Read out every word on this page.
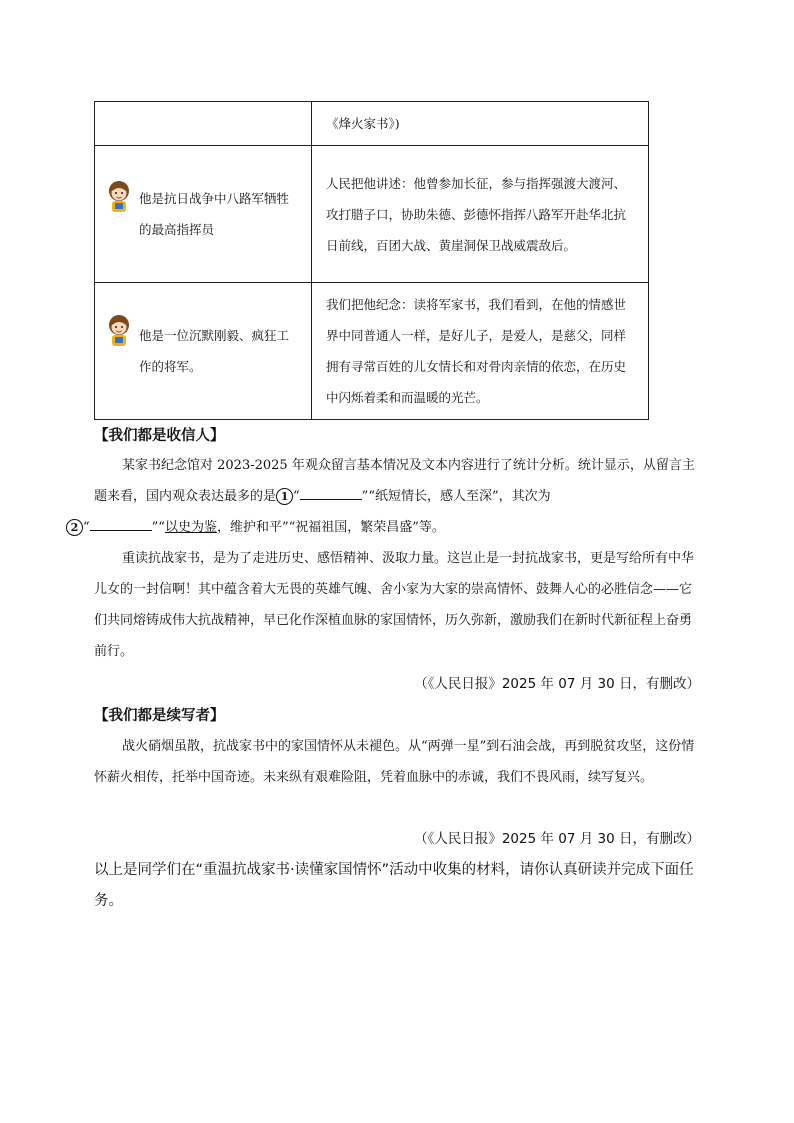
	《烽火家书》)

他是抗日战争中八路军牺牲的最高指挥员	人民把他讲述：他曾参加长征，参与指挥强渡大渡河、攻打腊子口，协助朱德、彭德怀指挥八路军开赴华北抗日前线，百团大战、黄崖洞保卫战威震敌后。

他是一位沉默刚毅、疯狂工作的将军。	我们把他纪念：读将军家书，我们看到，在他的情感世界中同普通人一样，是好儿子，是爱人，是慈父，同样拥有寻常百姓的儿女情长和对骨肉亲情的依恋，在历史中闪烁着柔和而温暖的光芒。
【我们都是收信人】

某家书纪念馆对 2023-2025 年观众留言基本情况及文本内容进行了统计分析。统计显示，从留言主题来看，国内观众表达最多的是 1 “	”“纸短情长，感人至深”，其次为
2 “	”“以史为鉴，维护和平”“祝福祖国，繁荣昌盛”等。

重读抗战家书，是为了走进历史、感悟精神、汲取力量。这岂止是一封抗战家书，更是写给所有中华儿女的一封信啊！其中蕴含着大无畏的英雄气魄、舍小家为大家的崇高情怀、鼓舞人心的必胜信念——它们共同熔铸成伟大抗战精神，早已化作深植血脉的家国情怀，历久弥新，激励我们在新时代新征程上奋勇前行。

（《人民日报》2025 年 07 月 30 日，有删改）
【我们都是续写者】

战火硝烟虽散，抗战家书中的家国情怀从未褪色。从“两弹一星”到石油会战，再到脱贫攻坚，这份情怀薪火相传，托举中国奇迹。未来纵有艰难险阻，凭着血脉中的赤诚，我们不畏风雨，续写复兴。

（《人民日报》2025 年 07 月 30 日，有删改）

以上是同学们在“重温抗战家书·读懂家国情怀”活动中收集的材料，请你认真研读并完成下面任务。
